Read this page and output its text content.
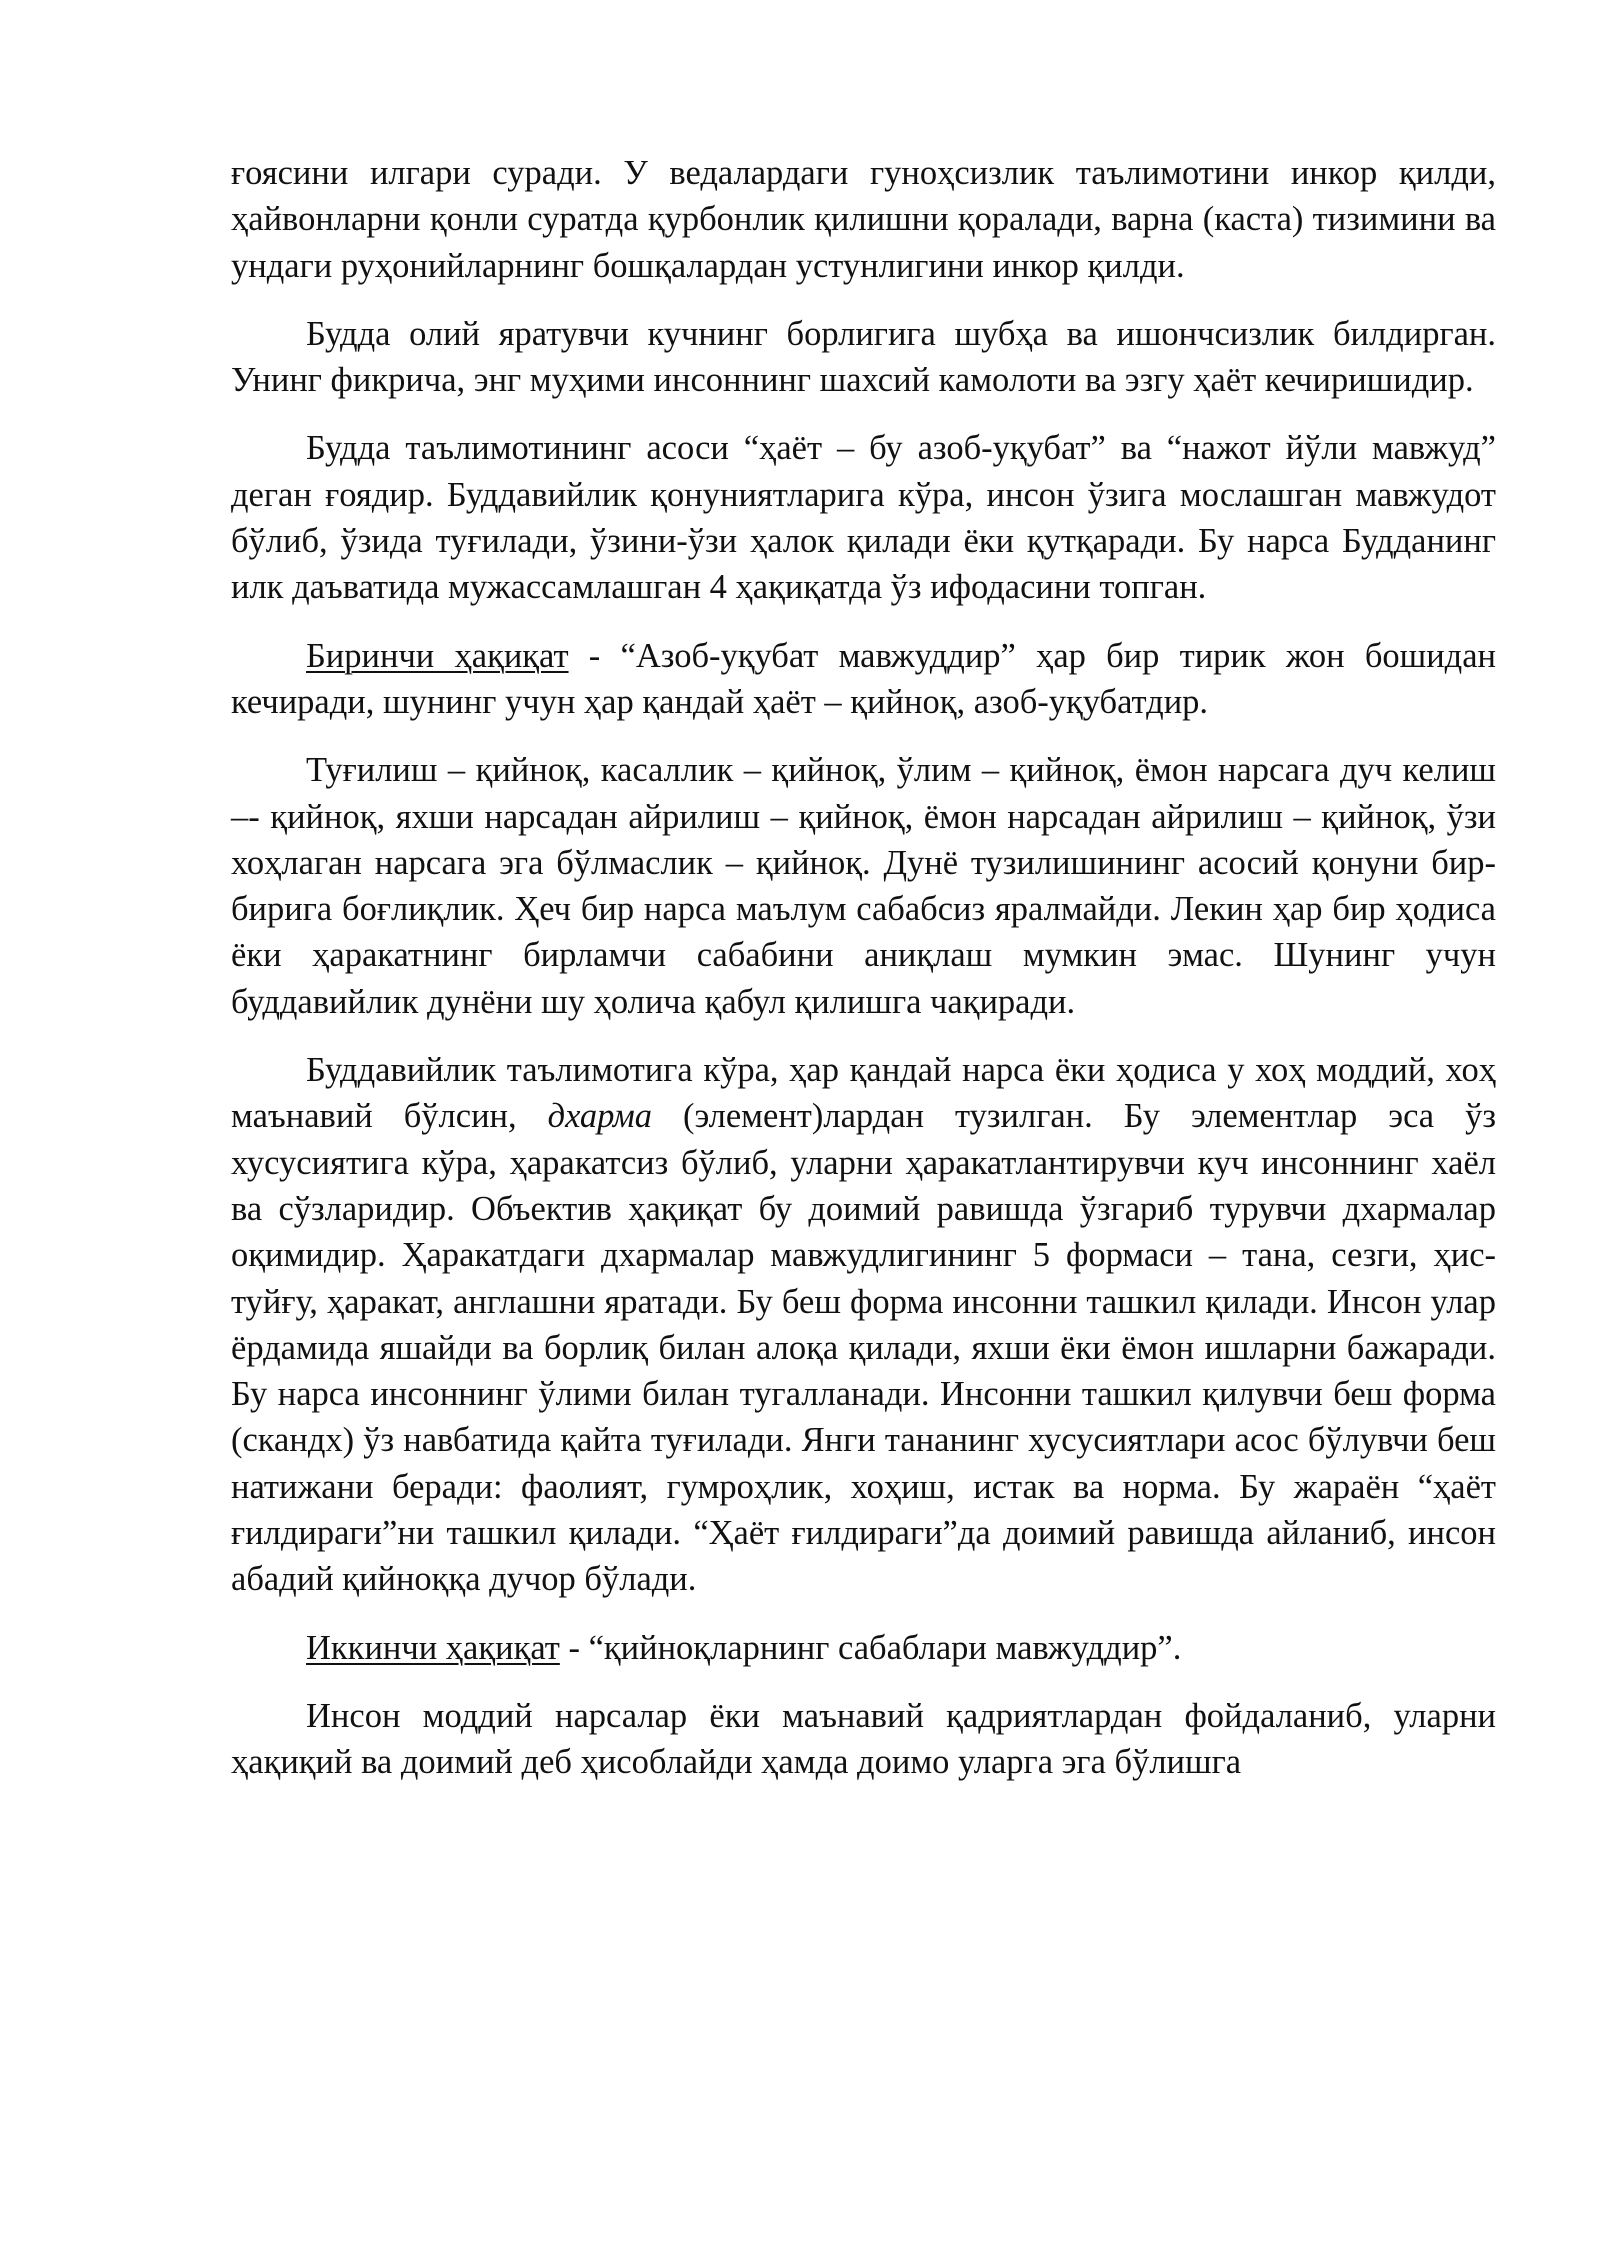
ғоясини илгари суради. У ведалардаги гуноҳсизлик таълимотини инкор қилди, ҳайвонларни қонли суратда қурбонлик қилишни қоралади, варна (каста) тизимини ва ундаги руҳонийларнинг бошқалардан устунлигини инкор қилди.

Будда олий яратувчи кучнинг борлигига шубҳа ва ишончсизлик билдирган. Унинг фикрича, энг муҳими инсоннинг шахсий камолоти ва эзгу ҳаёт кечиришидир.

Будда таълимотининг асоси “ҳаёт – бу азоб-уқубат” ва “нажот йўли мавжуд” деган ғоядир. Буддавийлик қонуниятларига кўра, инсон ўзига мослашган мавжудот бўлиб, ўзида туғилади, ўзини-ўзи ҳалок қилади ёки қутқаради. Бу нарса Будданинг илк даъватида мужассамлашган 4 ҳақиқатда ўз ифодасини топган.

Биринчи ҳақиқат - “Азоб-уқубат мавжуддир” ҳар бир тирик жон бошидан кечиради, шунинг учун ҳар қандай ҳаёт – қийноқ, азоб-уқубатдир.

Туғилиш – қийноқ, касаллик – қийноқ, ўлим – қийноқ, ёмон нарсага дуч келиш –- қийноқ, яхши нарсадан айрилиш – қийноқ, ёмон нарсадан айрилиш – қийноқ, ўзи хоҳлаган нарсага эга бўлмаслик – қийноқ. Дунё тузилишининг асосий қонуни бир-бирига боғлиқлик. Ҳеч бир нарса маълум сабабсиз яралмайди. Лекин ҳар бир ҳодиса ёки ҳаракатнинг бирламчи сабабини аниқлаш мумкин эмас. Шунинг учун буддавийлик дунёни шу ҳолича қабул қилишга чақиради.

Буддавийлик таълимотига кўра, ҳар қандай нарса ёки ҳодиса у хоҳ моддий, хоҳ маънавий бўлсин, дхарма (элемент)лардан тузилган. Бу элементлар эса ўз хусусиятига кўра, ҳаракатсиз бўлиб, уларни ҳаракатлантирувчи куч инсоннинг хаёл ва сўзларидир. Объектив ҳақиқат бу доимий равишда ўзгариб турувчи дхармалар оқимидир. Ҳаракатдаги дхармалар мавжудлигининг 5 формаси – тана, сезги, ҳис-туйғу, ҳаракат, англашни яратади. Бу беш форма инсонни ташкил қилади. Инсон улар ёрдамида яшайди ва борлиқ билан алоқа қилади, яхши ёки ёмон ишларни бажаради. Бу нарса инсоннинг ўлими билан тугалланади. Инсонни ташкил қилувчи беш форма (скандх) ўз навбатида қайта туғилади. Янги тананинг хусусиятлари асос бўлувчи беш натижани беради: фаолият, гумроҳлик, хоҳиш, истак ва норма. Бу жараён “ҳаёт ғилдираги”ни ташкил қилади. “Ҳаёт ғилдираги”да доимий равишда айланиб, инсон абадий қийноққа дучор бўлади.

Иккинчи ҳақиқат - “қийноқларнинг сабаблари мавжуддир”.

Инсон моддий нарсалар ёки маънавий қадриятлардан фойдаланиб, уларни ҳақиқий ва доимий деб ҳисоблайди ҳамда доимо уларга эга бўлишга
